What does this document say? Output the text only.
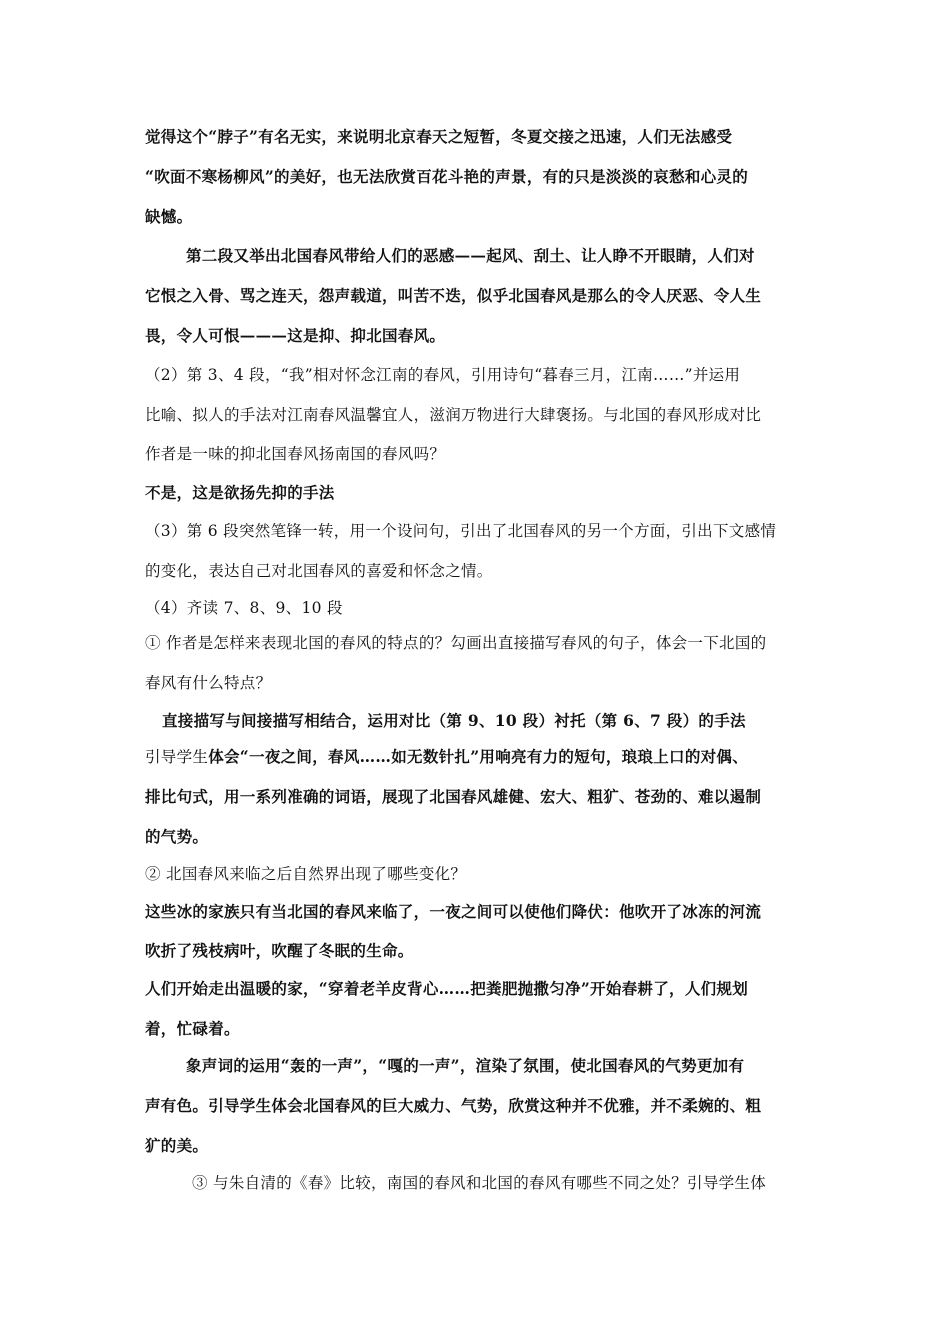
觉得这个“脖子”有名无实，来说明北京春天之短暂，冬夏交接之迅速，人们无法感受
“吹面不寒杨柳风”的美好，也无法欣赏百花斗艳的声景，有的只是淡淡的哀愁和心灵的
缺憾。
第二段又举出北国春风带给人们的恶感——起风、刮土、让人睁不开眼睛，人们对
它恨之入骨、骂之连天，怨声载道，叫苦不迭，似乎北国春风是那么的令人厌恶、令人生
畏，令人可恨———这是抑、抑北国春风。
（2）第 3、4 段，“我”相对怀念江南的春风，引用诗句“暮春三月，江南……”并运用
比喻、拟人的手法对江南春风温馨宜人，滋润万物进行大肆褒扬。与北国的春风形成对比
作者是一味的抑北国春风扬南国的春风吗？
不是，这是欲扬先抑的手法
（3）第 6 段突然笔锋一转，用一个设问句，引出了北国春风的另一个方面，引出下文感情
的变化，表达自己对北国春风的喜爱和怀念之情。
（4）齐读 7、8、9、10 段
① 作者是怎样来表现北国的春风的特点的？勾画出直接描写春风的句子，体会一下北国的
春风有什么特点？
直接描写与间接描写相结合，运用对比（第 9、10 段）衬托（第 6、7 段）的手法
引导学生体会“一夜之间，春风……如无数针扎”用响亮有力的短句，琅琅上口的对偶、
排比句式，用一系列准确的词语，展现了北国春风雄健、宏大、粗犷、苍劲的、难以遏制
的气势。
② 北国春风来临之后自然界出现了哪些变化？
这些冰的家族只有当北国的春风来临了，一夜之间可以使他们降伏：他吹开了冰冻的河流
吹折了残枝病叶，吹醒了冬眠的生命。
人们开始走出温暖的家，“穿着老羊皮背心……把粪肥抛撒匀净”开始春耕了，人们规划
着，忙碌着。
象声词的运用“轰的一声”，“嘎的一声”，渲染了氛围，使北国春风的气势更加有
声有色。引导学生体会北国春风的巨大威力、气势，欣赏这种并不优雅，并不柔婉的、粗
犷的美。
③ 与朱自清的《春》比较，南国的春风和北国的春风有哪些不同之处？引导学生体
